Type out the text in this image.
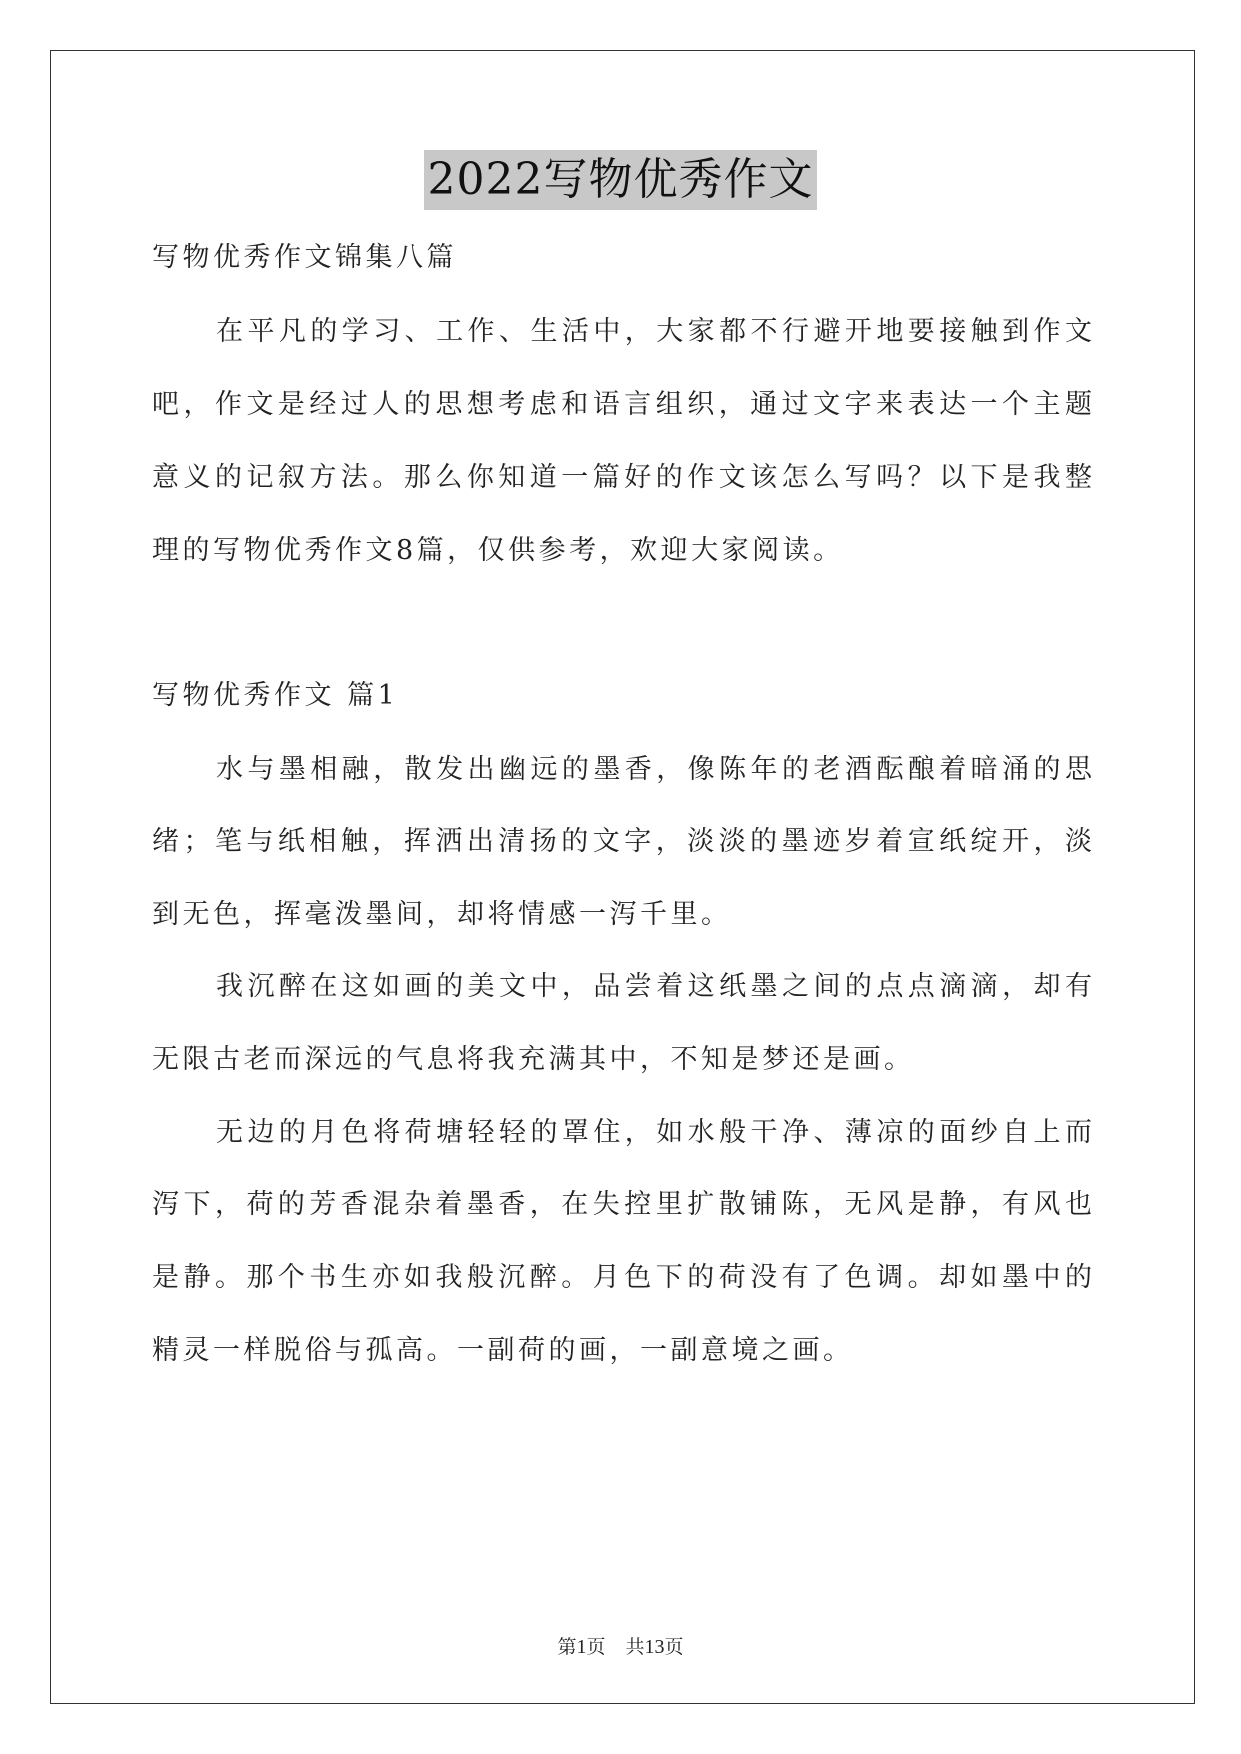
2022写物优秀作文
写物优秀作文锦集八篇
在平凡的学习、工作、生活中，大家都不行避开地要接触到作文
吧，作文是经过人的思想考虑和语言组织，通过文字来表达一个主题
意义的记叙方法。那么你知道一篇好的作文该怎么写吗？以下是我整
理的写物优秀作文8篇，仅供参考，欢迎大家阅读。
写物优秀作文 篇1
水与墨相融，散发出幽远的墨香，像陈年的老酒酝酿着暗涌的思
绪；笔与纸相触，挥洒出清扬的文字，淡淡的墨迹岁着宣纸绽开，淡
到无色，挥毫泼墨间，却将情感一泻千里。
我沉醉在这如画的美文中，品尝着这纸墨之间的点点滴滴，却有
无限古老而深远的气息将我充满其中，不知是梦还是画。
无边的月色将荷塘轻轻的罩住，如水般干净、薄凉的面纱自上而
泻下，荷的芳香混杂着墨香，在失控里扩散铺陈，无风是静，有风也
是静。那个书生亦如我般沉醉。月色下的荷没有了色调。却如墨中的
精灵一样脱俗与孤高。一副荷的画，一副意境之画。
第1页 共13页
